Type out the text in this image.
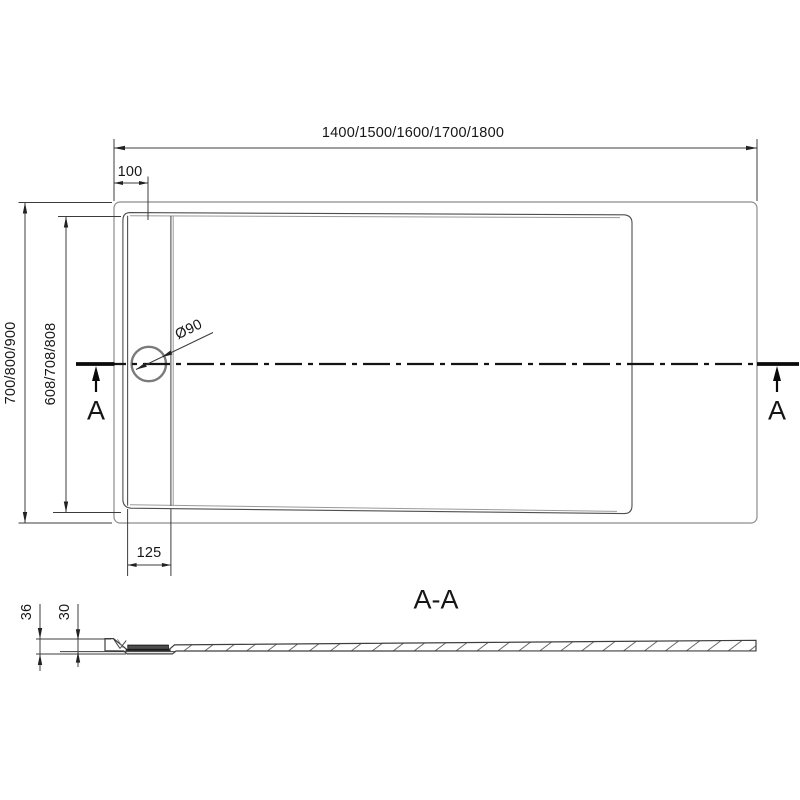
1400/1500/1600/1700/1800
100
700/800/900 608/708/808	Ø90
125
A	A
A-A
36 30
